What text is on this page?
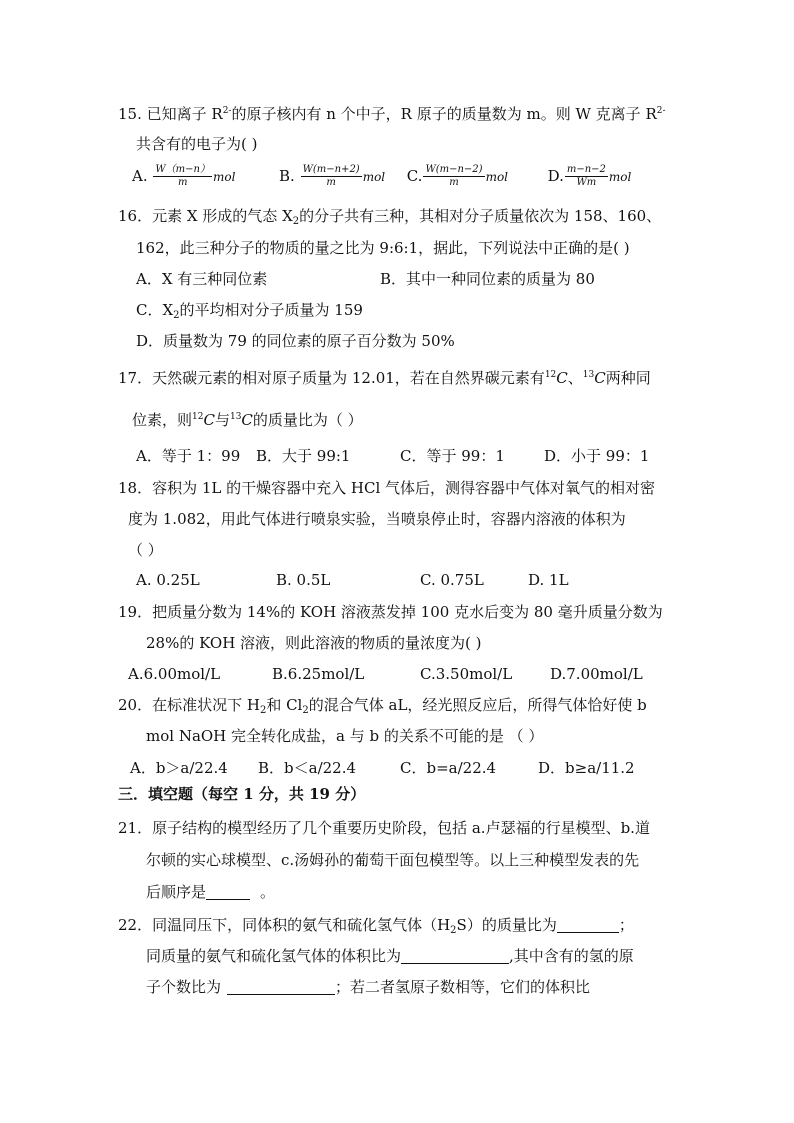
15. 已知离子 $R^{2-}$的原子核内有 n 个中子，R 原子的质量数为 m。则 W 克离子 $R^{2-}$
共含有的电子为( )
A. $\frac{W(m-n)}{m}$ mol	B. $\frac{W(m-n+2)}{m}$ mol C. $\frac{W(m-n-2)}{m}$ mol	D. $\frac{m-n-2}{Wm}$ mol
16．元素 X 形成的气态 $X_2$的分子共有三种，其相对分子质量依次为 158、160、
162，此三种分子的物质的量之比为 9:6:1，据此，下列说法中正确的是( )
A．X 有三种同位素	B．其中一种同位素的质量为 80
C．$X_2$的平均相对分子质量为 159
D．质量数为 79 的同位素的原子百分数为 50%
17．天然碳元素的相对原子质量为 12.01，若在自然界碳元素有$^{12}$C、$^{13}$C两种同
位素，则$^{12}$C与$^{13}$C的质量比为（ ）
A．等于 1：99 B．大于 99:1	C．等于 99：1	D．小于 99：1
18．容积为 1L 的干燥容器中充入 HCl 气体后，测得容器中气体对氧气的相对密
度为 1.082，用此气体进行喷泉实验，当喷泉停止时，容器内溶液的体积为
（ ）
A. 0.25L	B. 0.5L	C. 0.75L	D. 1L
19．把质量分数为 14%的 KOH 溶液蒸发掉 100 克水后变为 80 毫升质量分数为
28%的 KOH 溶液，则此溶液的物质的量浓度为( )
A.6.00mol/L	B.6.25mol/L	C.3.50mol/L	D.7.00mol/L
20．在标准状况下 $H_2$和 $Cl_2$的混合气体 aL，经光照反应后，所得气体恰好使 b
mol NaOH 完全转化成盐，a 与 b 的关系不可能的是 （ ）
A．b＞a/22.4 B．b＜a/22.4	C．b=a/22.4	D．b≥a/11.2
三．填空题（每空 1 分，共 19 分）
21．原子结构的模型经历了几个重要历史阶段，包括 a.卢瑟福的行星模型、b.道
尔顿的实心球模型、c.汤姆孙的葡萄干面包模型等。以上三种模型发表的先
后顺序是	。
22．同温同压下，同体积的氨气和硫化氢气体$(H_2S)$的质量比为	；
同质量的氨气和硫化氢气体的体积比为	,其中含有的氢的原
子个数比为	；若二者氢原子数相等，它们的体积比
